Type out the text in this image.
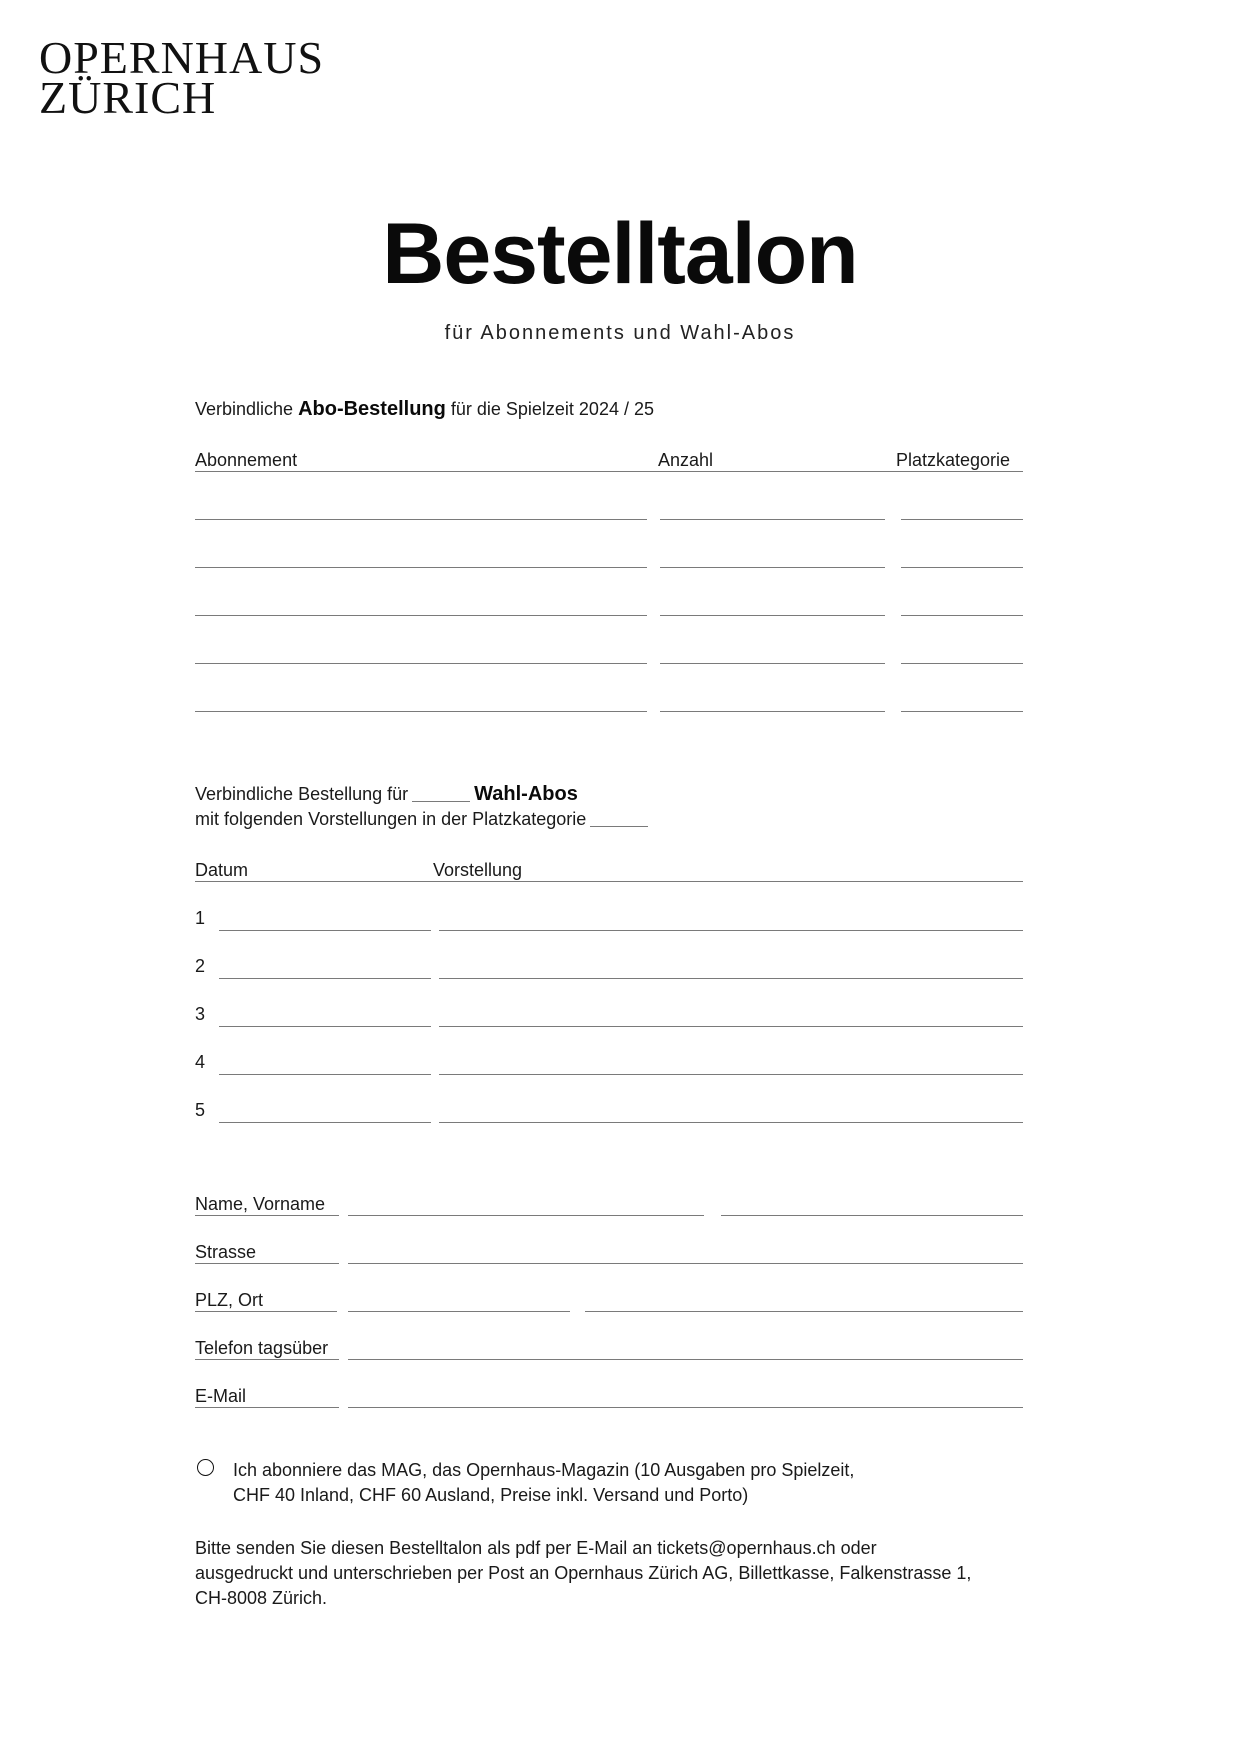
OPERNHAUS
ZÜRICH
Bestelltalon
für Abonnements und Wahl-Abos
Verbindliche Abo-Bestellung für die Spielzeit 2024 / 25
Abonnement	Anzahl	Platzkategorie
Verbindliche Bestellung für	Wahl-Abos
mit folgenden Vorstellungen in der Platzkategorie
Datum	Vorstellung
1
2
3
4
5
Name, Vorname
Strasse
PLZ, Ort
Telefon tagsüber
E-Mail
Ich abonniere das MAG, das Opernhaus-Magazin (10 Ausgaben pro Spielzeit,
CHF 40 Inland, CHF 60 Ausland, Preise inkl. Versand und Porto)
Bitte senden Sie diesen Bestelltalon als pdf per E-Mail an tickets@opernhaus.ch oder
ausgedruckt und unterschrieben per Post an Opernhaus Zürich AG, Billettkasse, Falkenstrasse 1,
CH-8008 Zürich.
